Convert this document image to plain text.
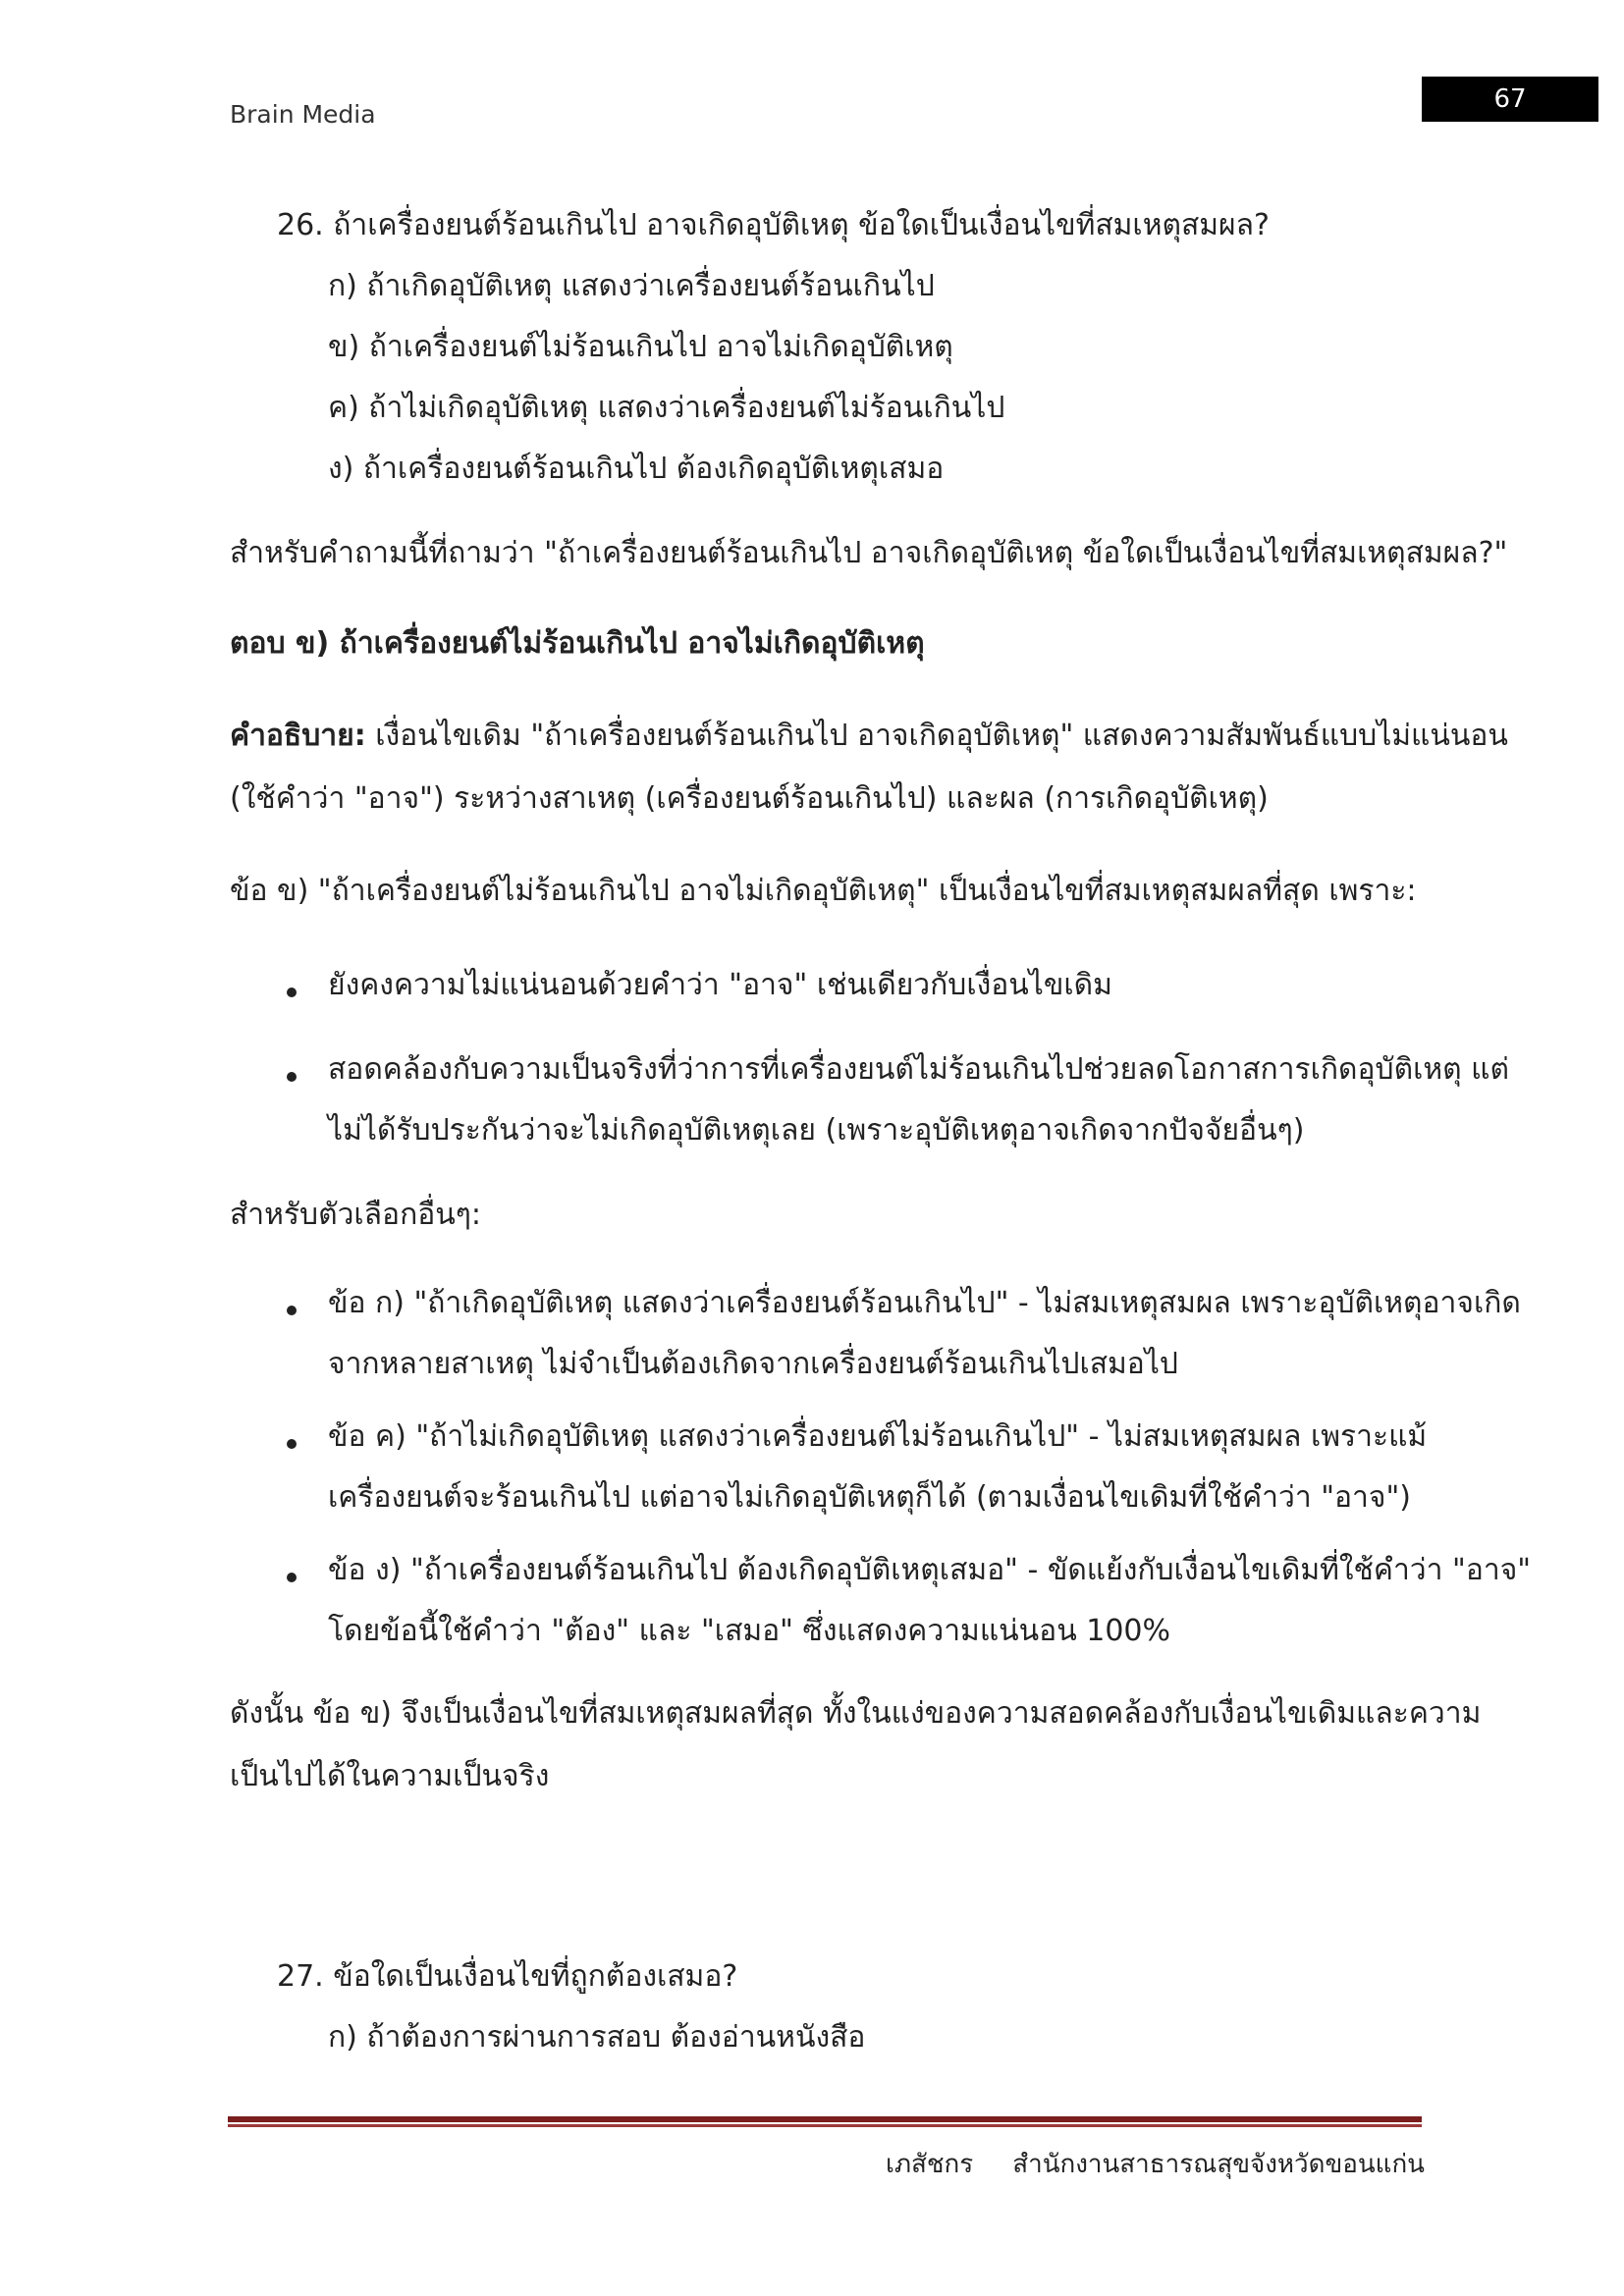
Brain Media
67
26. ถ้าเครื่องยนต์ร้อนเกินไป อาจเกิดอุบัติเหตุ ข้อใดเป็นเงื่อนไขที่สมเหตุสมผล?
ก) ถ้าเกิดอุบัติเหตุ แสดงว่าเครื่องยนต์ร้อนเกินไป
ข) ถ้าเครื่องยนต์ไม่ร้อนเกินไป อาจไม่เกิดอุบัติเหตุ
ค) ถ้าไม่เกิดอุบัติเหตุ แสดงว่าเครื่องยนต์ไม่ร้อนเกินไป
ง) ถ้าเครื่องยนต์ร้อนเกินไป ต้องเกิดอุบัติเหตุเสมอ
สำหรับคำถามนี้ที่ถามว่า "ถ้าเครื่องยนต์ร้อนเกินไป อาจเกิดอุบัติเหตุ ข้อใดเป็นเงื่อนไขที่สมเหตุสมผล?"
ตอบ ข) ถ้าเครื่องยนต์ไม่ร้อนเกินไป อาจไม่เกิดอุบัติเหตุ
คำอธิบาย: เงื่อนไขเดิม "ถ้าเครื่องยนต์ร้อนเกินไป อาจเกิดอุบัติเหตุ" แสดงความสัมพันธ์แบบไม่แน่นอน
(ใช้คำว่า "อาจ") ระหว่างสาเหตุ (เครื่องยนต์ร้อนเกินไป) และผล (การเกิดอุบัติเหตุ)
ข้อ ข) "ถ้าเครื่องยนต์ไม่ร้อนเกินไป อาจไม่เกิดอุบัติเหตุ" เป็นเงื่อนไขที่สมเหตุสมผลที่สุด เพราะ:
ยังคงความไม่แน่นอนด้วยคำว่า "อาจ" เช่นเดียวกับเงื่อนไขเดิม
สอดคล้องกับความเป็นจริงที่ว่าการที่เครื่องยนต์ไม่ร้อนเกินไปช่วยลดโอกาสการเกิดอุบัติเหตุ แต่
ไม่ได้รับประกันว่าจะไม่เกิดอุบัติเหตุเลย (เพราะอุบัติเหตุอาจเกิดจากปัจจัยอื่นๆ)
สำหรับตัวเลือกอื่นๆ:
ข้อ ก) "ถ้าเกิดอุบัติเหตุ แสดงว่าเครื่องยนต์ร้อนเกินไป" - ไม่สมเหตุสมผล เพราะอุบัติเหตุอาจเกิด
จากหลายสาเหตุ ไม่จำเป็นต้องเกิดจากเครื่องยนต์ร้อนเกินไปเสมอไป
ข้อ ค) "ถ้าไม่เกิดอุบัติเหตุ แสดงว่าเครื่องยนต์ไม่ร้อนเกินไป" - ไม่สมเหตุสมผล เพราะแม้
เครื่องยนต์จะร้อนเกินไป แต่อาจไม่เกิดอุบัติเหตุก็ได้ (ตามเงื่อนไขเดิมที่ใช้คำว่า "อาจ")
ข้อ ง) "ถ้าเครื่องยนต์ร้อนเกินไป ต้องเกิดอุบัติเหตุเสมอ" - ขัดแย้งกับเงื่อนไขเดิมที่ใช้คำว่า "อาจ"
โดยข้อนี้ใช้คำว่า "ต้อง" และ "เสมอ" ซึ่งแสดงความแน่นอน 100%
ดังนั้น ข้อ ข) จึงเป็นเงื่อนไขที่สมเหตุสมผลที่สุด ทั้งในแง่ของความสอดคล้องกับเงื่อนไขเดิมและความ
เป็นไปได้ในความเป็นจริง
27. ข้อใดเป็นเงื่อนไขที่ถูกต้องเสมอ?
ก) ถ้าต้องการผ่านการสอบ ต้องอ่านหนังสือ
เภสัชกร สำนักงานสาธารณสุขจังหวัดขอนแก่น
